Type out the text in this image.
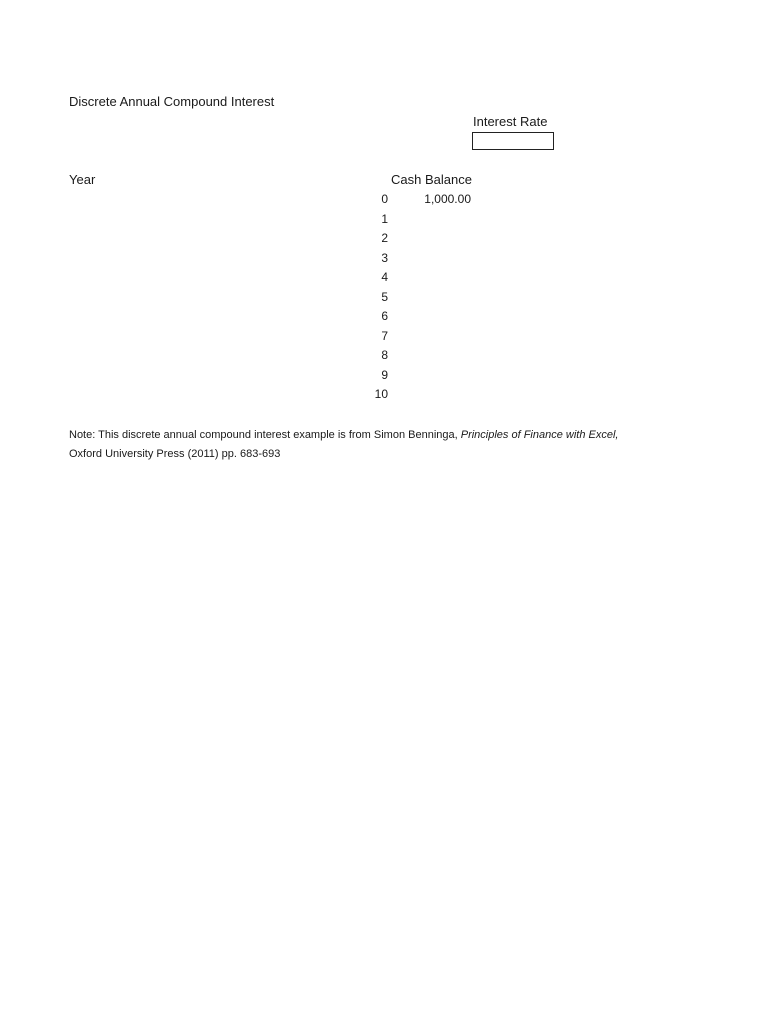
Discrete Annual Compound Interest
Interest Rate
Year	Cash Balance
0	1,000.00
1
2
3
4
5
6
7
8
9
10
Note: This discrete annual compound interest example is from Simon Benninga, Principles of Finance with Excel,
Oxford University Press (2011) pp. 683-693
